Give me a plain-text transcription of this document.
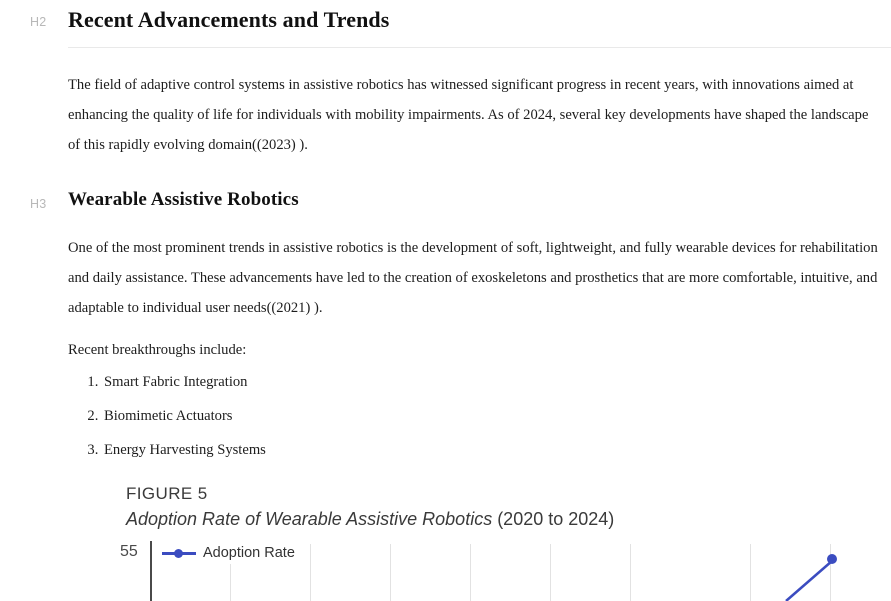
H2 Recent Advancements and Trends

The field of adaptive control systems in assistive robotics has witnessed significant progress in recent years, with innovations aimed at enhancing the quality of life for individuals with mobility impairments. As of 2024, several key developments have shaped the landscape of this rapidly evolving domain((2023) ).

H3	Wearable Assistive Robotics

One of the most prominent trends in assistive robotics is the development of soft, lightweight, and fully wearable devices for rehabilitation and daily assistance. These advancements have led to the creation of exoskeletons and prosthetics that are more comfortable, intuitive, and adaptable to individual user needs((2021) ).

Recent breakthroughs include:

1. Smart Fabric Integration
2. Biomimetic Actuators
3. Energy Harvesting Systems
FIGURE 5
Adoption Rate of Wearable Assistive Robotics (2020 to 2024)
55	Adoption Rate
